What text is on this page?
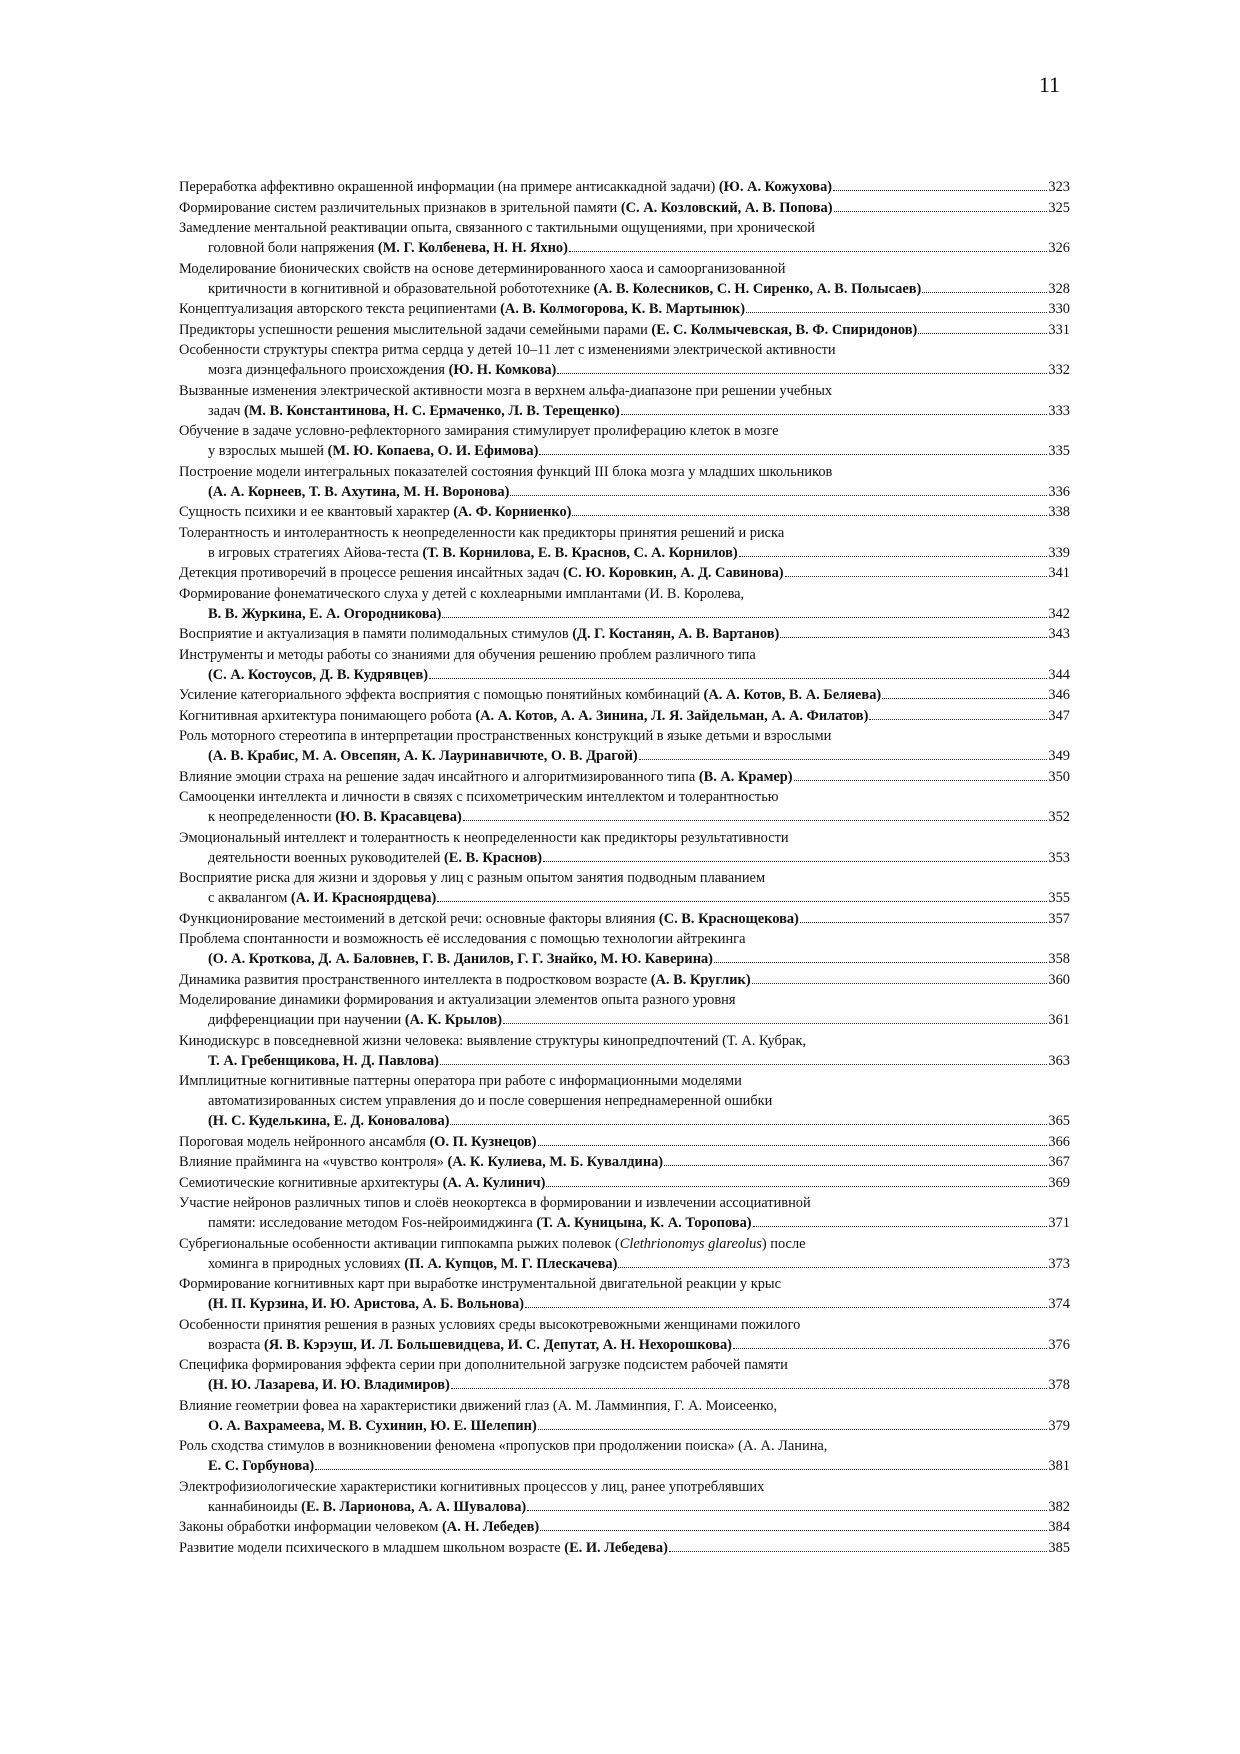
11
Переработка аффективно окрашенной информации (на примере антисаккадной задачи) (Ю. А. Кожухова)	323
Формирование систем различительных признаков в зрительной памяти (С. А. Козловский, А. В. Попова)	325
Замедление ментальной реактивации опыта, связанного с тактильными ощущениями, при хронической
головной боли напряжения (М. Г. Колбенева, Н. Н. Яхно)	326
Моделирование бионических свойств на основе детерминированного хаоса и самоорганизованной
критичности в когнитивной и образовательной робототехнике (А. В. Колесников, С. Н. Сиренко, А. В. Полысаев)	328
Концептуализация авторского текста реципиентами (А. В. Колмогорова, К. В. Мартынюк)	330
Предикторы успешности решения мыслительной задачи семейными парами (Е. С. Колмычевская, В. Ф. Спиридонов)	331
Особенности структуры спектра ритма сердца у детей 10–11 лет с изменениями электрической активности
мозга диэнцефального происхождения (Ю. Н. Комкова)	332
Вызванные изменения электрической активности мозга в верхнем альфа-диапазоне при решении учебных
задач (М. В. Константинова, Н. С. Ермаченко, Л. В. Терещенко)	333
Обучение в задаче условно-рефлекторного замирания стимулирует пролиферацию клеток в мозге
у взрослых мышей (М. Ю. Копаева, О. И. Ефимова)	335
Построение модели интегральных показателей состояния функций III блока мозга у младших школьников
(А. А. Корнеев, Т. В. Ахутина, М. Н. Воронова)	336
Сущность психики и ее квантовый характер (А. Ф. Корниенко)	338
Толерантность и интолерантность к неопределенности как предикторы принятия решений и риска
в игровых стратегиях Айова-теста (Т. В. Корнилова, Е. В. Краснов, С. А. Корнилов)	339
Детекция противоречий в процессе решения инсайтных задач (С. Ю. Коровкин, А. Д. Савинова)	341
Формирование фонематического слуха у детей с кохлеарными имплантами (И. В. Королева,
В. В. Журкина, Е. А. Огородникова)	342
Восприятие и актуализация в памяти полимодальных стимулов (Д. Г. Костанян, А. В. Вартанов)	343
Инструменты и методы работы со знаниями для обучения решению проблем различного типа
(С. А. Костоусов, Д. В. Кудрявцев)	344
Усиление категориального эффекта восприятия с помощью понятийных комбинаций (А. А. Котов, В. А. Беляева)	346
Когнитивная архитектура понимающего робота (А. А. Котов, А. А. Зинина, Л. Я. Зайдельман, А. А. Филатов)	347
Роль моторного стереотипа в интерпретации пространственных конструкций в языке детьми и взрослыми
(А. В. Крабис, М. А. Овсепян, А. К. Лауринавичюте, О. В. Драгой)	349
Влияние эмоции страха на решение задач инсайтного и алгоритмизированного типа (В. А. Крамер)	350
Самооценки интеллекта и личности в связях с психометрическим интеллектом и толерантностью
к неопределенности (Ю. В. Красавцева)	352
Эмоциональный интеллект и толерантность к неопределенности как предикторы результативности
деятельности военных руководителей (Е. В. Краснов)	353
Восприятие риска для жизни и здоровья у лиц с разным опытом занятия подводным плаванием
с аквалангом (А. И. Красноярдцева)	355
Функционирование местоимений в детской речи: основные факторы влияния (С. В. Краснощекова)	357
Проблема спонтанности и возможность её исследования с помощью технологии айтрекинга
(О. А. Кроткова, Д. А. Баловнев, Г. В. Данилов, Г. Г. Знайко, М. Ю. Каверина)	358
Динамика развития пространственного интеллекта в подростковом возрасте (А. В. Круглик)	360
Моделирование динамики формирования и актуализации элементов опыта разного уровня
дифференциации при научении (А. К. Крылов)	361
Кинодискурс в повседневной жизни человека: выявление структуры кинопредпочтений (Т. А. Кубрак,
Т. А. Гребенщикова, Н. Д. Павлова)	363
Имплицитные когнитивные паттерны оператора при работе с информационными моделями
автоматизированных систем управления до и после совершения непреднамеренной ошибки
(Н. С. Куделькина, Е. Д. Коновалова)	365
Пороговая модель нейронного ансамбля (О. П. Кузнецов)	366
Влияние прайминга на «чувство контроля» (А. К. Кулиева, М. Б. Кувалдина)	367
Семиотические когнитивные архитектуры (А. А. Кулинич)	369
Участие нейронов различных типов и слоёв неокортекса в формировании и извлечении ассоциативной
памяти: исследование методом Fos-нейроимиджинга (Т. А. Куницына, К. А. Торопова)	371
Субрегиональные особенности активации гиппокампа рыжих полевок (Clethrionomys glareolus) после
хоминга в природных условиях (П. А. Купцов, М. Г. Плескачева)	373
Формирование когнитивных карт при выработке инструментальной двигательной реакции у крыс
(Н. П. Курзина, И. Ю. Аристова, А. Б. Вольнова)	374
Особенности принятия решения в разных условиях среды высокотревожными женщинами пожилого
возраста (Я. В. Кэрэуш, И. Л. Большевидцева, И. С. Депутат, А. Н. Нехорошкова)	376
Специфика формирования эффекта серии при дополнительной загрузке подсистем рабочей памяти
(Н. Ю. Лазарева, И. Ю. Владимиров)	378
Влияние геометрии фовеа на характеристики движений глаз (А. М. Ламминпия, Г. А. Моисеенко,
О. А. Вахрамеева, М. В. Сухинин, Ю. Е. Шелепин)	379
Роль сходства стимулов в возникновении феномена «пропусков при продолжении поиска» (А. А. Ланина,
Е. С. Горбунова)	381
Электрофизиологические характеристики когнитивных процессов у лиц, ранее употреблявших
каннабиноиды (Е. В. Ларионова, А. А. Шувалова)	382
Законы обработки информации человеком (А. Н. Лебедев)	384
Развитие модели психического в младшем школьном возрасте (Е. И. Лебедева)	385
